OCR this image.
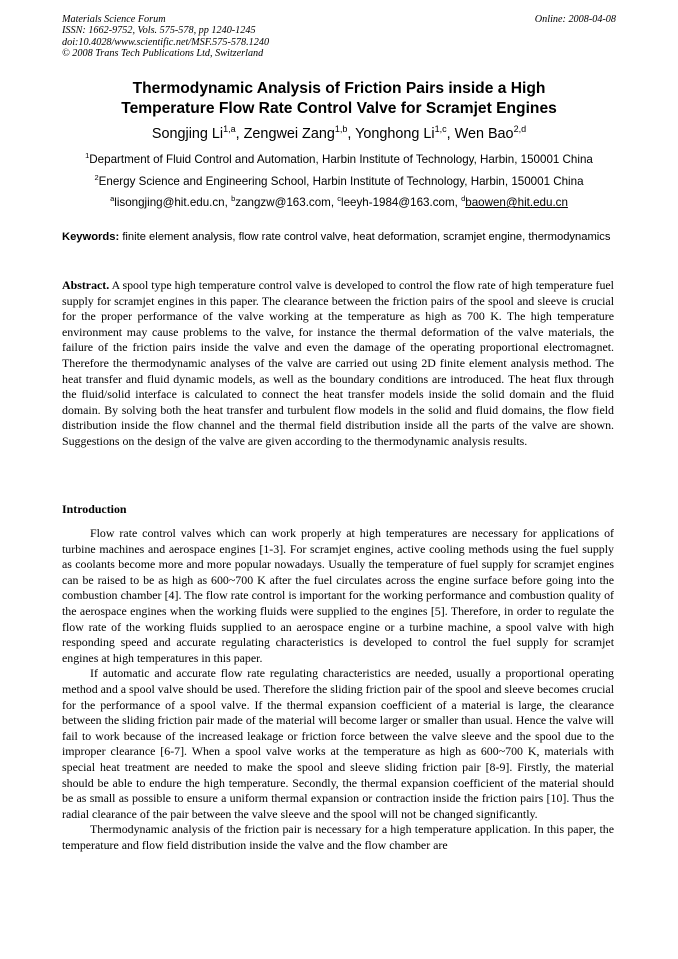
Materials Science Forum
ISSN: 1662-9752, Vols. 575-578, pp 1240-1245
doi:10.4028/www.scientific.net/MSF.575-578.1240
© 2008 Trans Tech Publications Ltd, Switzerland
Online: 2008-04-08
Thermodynamic Analysis of Friction Pairs inside a High
Temperature Flow Rate Control Valve for Scramjet Engines
Songjing Li$^{1,a}$, Zengwei Zang$^{1,b}$, Yonghong Li$^{1,c}$, Wen Bao$^{2,d}$
$^1$Department of Fluid Control and Automation, Harbin Institute of Technology, Harbin, 150001 China
$^2$Energy Science and Engineering School, Harbin Institute of Technology, Harbin, 150001 China
$^a$lisongjing@hit.edu.cn, $^b$zangzw@163.com, $^c$leeyh-1984@163.com, $^d$baowen@hit.edu.cn
Keywords: finite element analysis, flow rate control valve, heat deformation, scramjet engine, thermodynamics
Abstract. A spool type high temperature control valve is developed to control the flow rate of high temperature fuel supply for scramjet engines in this paper. The clearance between the friction pairs of the spool and sleeve is crucial for the proper performance of the valve working at the temperature as high as 700 K. The high temperature environment may cause problems to the valve, for instance the thermal deformation of the valve materials, the failure of the friction pairs inside the valve and even the damage of the operating proportional electromagnet. Therefore the thermodynamic analyses of the valve are carried out using 2D finite element analysis method. The heat transfer and fluid dynamic models, as well as the boundary conditions are introduced. The heat flux through the fluid/solid interface is calculated to connect the heat transfer models inside the solid domain and the fluid domain. By solving both the heat transfer and turbulent flow models in the solid and fluid domains, the flow field distribution inside the flow channel and the thermal field distribution inside all the parts of the valve are shown. Suggestions on the design of the valve are given according to the thermodynamic analysis results.
Introduction

Flow rate control valves which can work properly at high temperatures are necessary for applications of turbine machines and aerospace engines [1-3]. For scramjet engines, active cooling methods using the fuel supply as coolants become more and more popular nowadays. Usually the temperature of fuel supply for scramjet engines can be raised to be as high as 600~700 K after the fuel circulates across the engine surface before going into the combustion chamber [4]. The flow rate control is important for the working performance and combustion quality of the aerospace engines when the working fluids were supplied to the engines [5]. Therefore, in order to regulate the flow rate of the working fluids supplied to an aerospace engine or a turbine machine, a spool valve with high responding speed and accurate regulating characteristics is developed to control the fuel supply for scramjet engines at high temperatures in this paper.

If automatic and accurate flow rate regulating characteristics are needed, usually a proportional operating method and a spool valve should be used. Therefore the sliding friction pair of the spool and sleeve becomes crucial for the performance of a spool valve. If the thermal expansion coefficient of a material is large, the clearance between the sliding friction pair made of the material will become larger or smaller than usual. Hence the valve will fail to work because of the increased leakage or friction force between the valve sleeve and the spool due to the improper clearance [6-7]. When a spool valve works at the temperature as high as 600~700 K, materials with special heat treatment are needed to make the spool and sleeve sliding friction pair [8-9]. Firstly, the material should be able to endure the high temperature. Secondly, the thermal expansion coefficient of the material should be as small as possible to ensure a uniform thermal expansion or contraction inside the friction pairs [10]. Thus the radial clearance of the pair between the valve sleeve and the spool will not be changed significantly.

Thermodynamic analysis of the friction pair is necessary for a high temperature application. In this paper, the temperature and flow field distribution inside the valve and the flow chamber are
